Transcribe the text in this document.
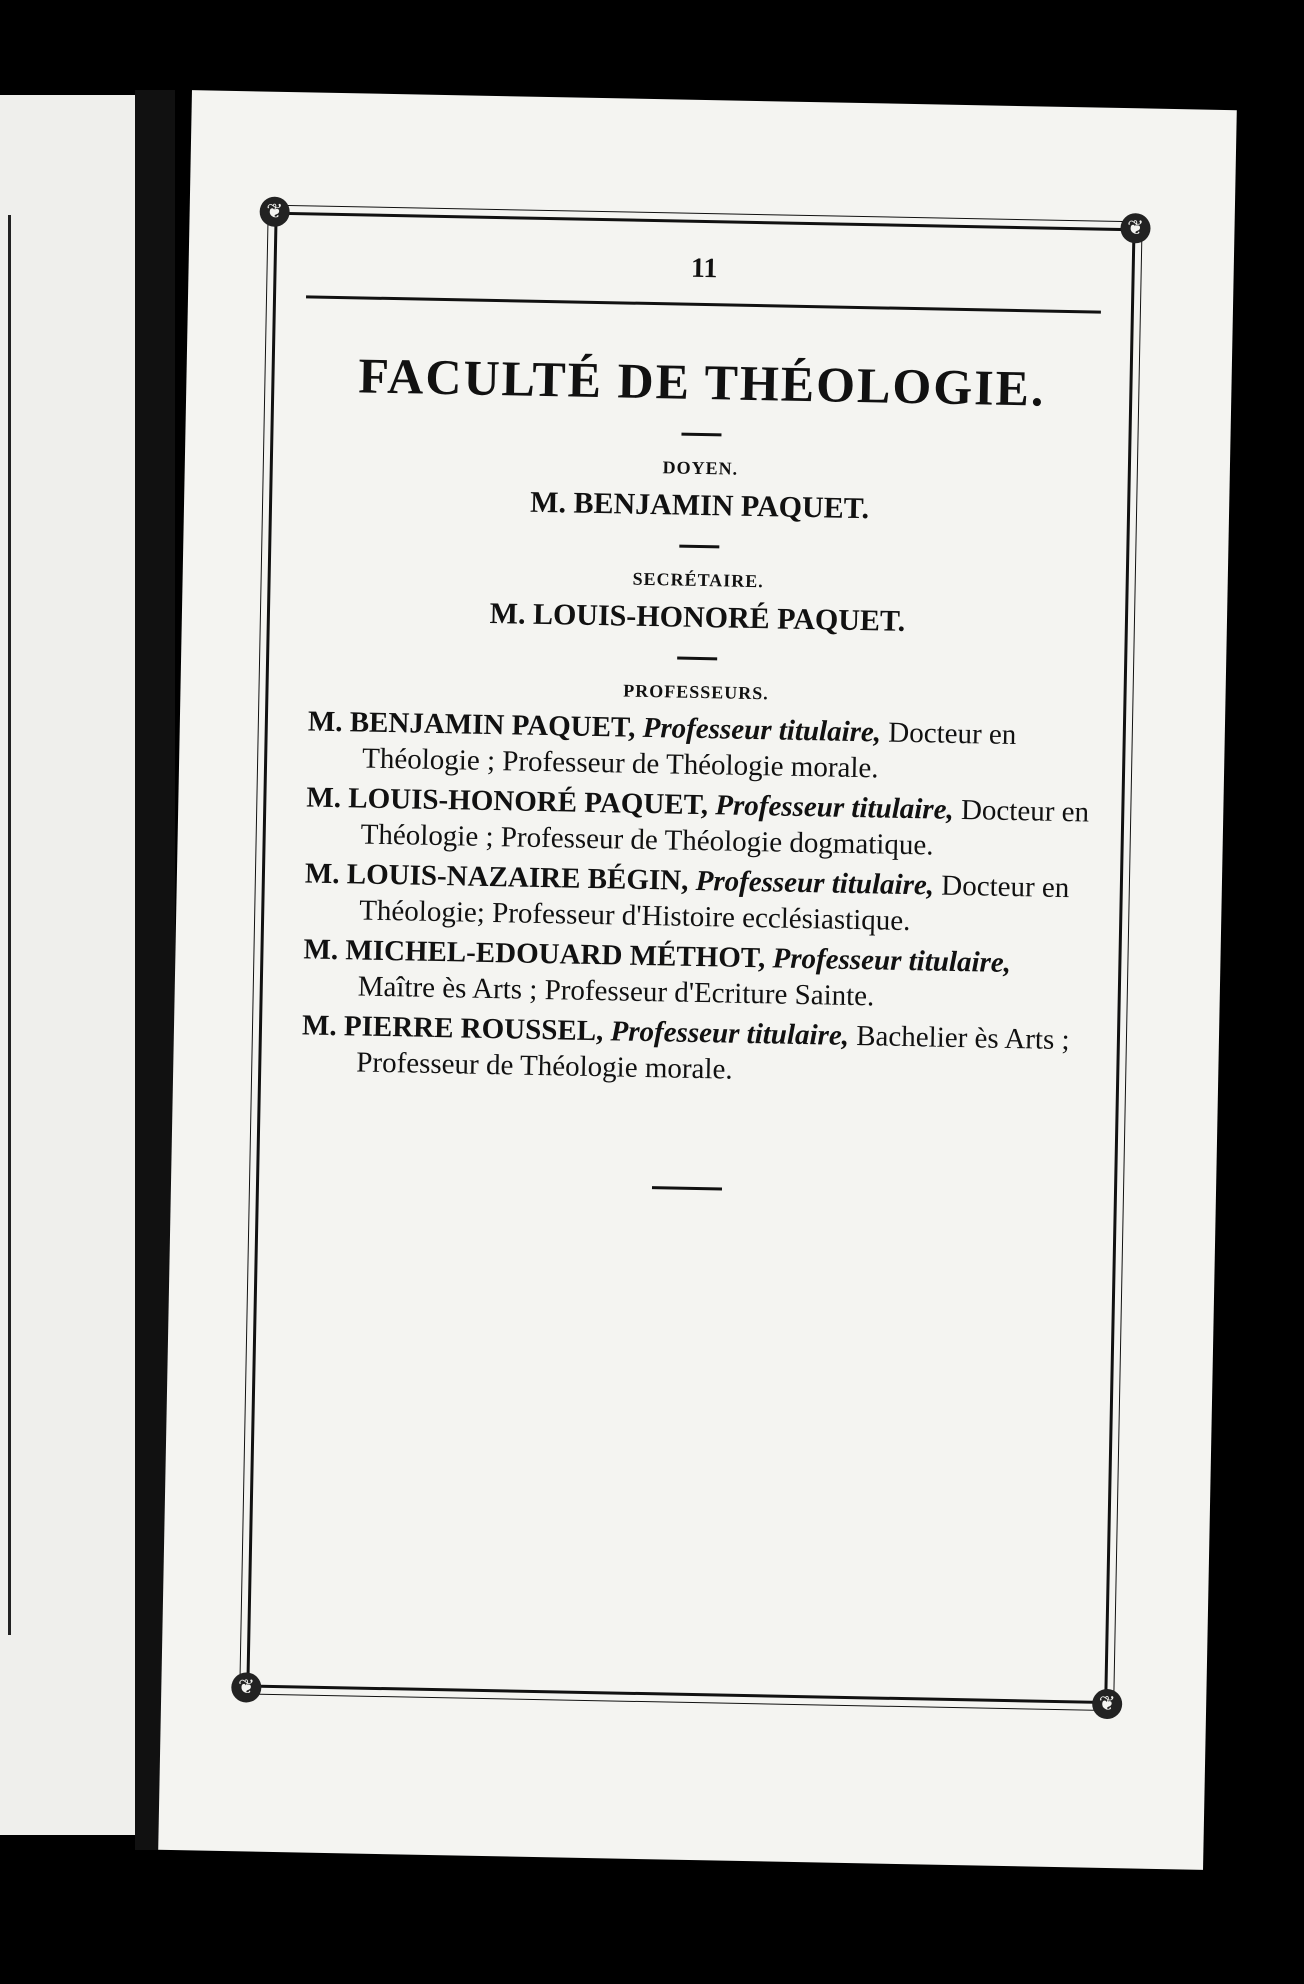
❦
❦
❦
❦
11
FACULTÉ DE THÉOLOGIE.

DOYEN.

M. BENJAMIN PAQUET.

SECRÉTAIRE.

M. LOUIS-HONORÉ PAQUET.

PROFESSEURS.

M. BENJAMIN PAQUET, Professeur titulaire, Docteur en Théologie ; Professeur de Théologie morale.

M. LOUIS-HONORÉ PAQUET, Professeur titulaire, Docteur en Théologie ; Professeur de Théologie dogmatique.

M. LOUIS-NAZAIRE BÉGIN, Professeur titulaire, Docteur en Théologie; Professeur d'Histoire ecclésiastique.

M. MICHEL-EDOUARD MÉTHOT, Professeur titulaire, Maître ès Arts ; Professeur d'Ecriture Sainte.

M. PIERRE ROUSSEL, Professeur titulaire, Bachelier ès Arts ; Professeur de Théologie morale.
